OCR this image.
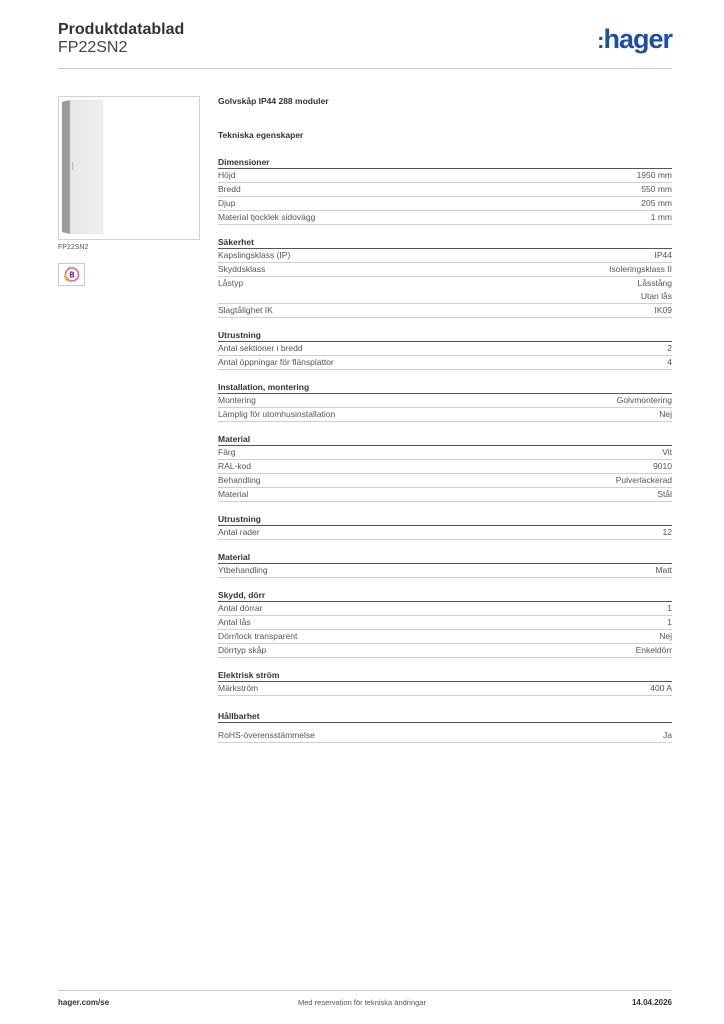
Produktdatablad
FP22SN2	:hager
FP22SN2
B
Golvskåp IP44 288 moduler
Tekniska egenskaper
Dimensioner
Höjd	1950 mm
Bredd	550 mm
Djup	205 mm
Material tjocklek sidovägg	1 mm
Säkerhet
Kapslingsklass (IP)	IP44
Skyddsklass	Isoleringsklass II
Låstyp	Låsstång
Utan lås
Slagtålighet IK	IK09
Utrustning
Antal sektioner i bredd	2
Antal öppningar för flänsplattor	4
Installation, montering
Montering	Golvmontering
Lämplig för utomhusinstallation	Nej
Material
Färg	Vit
RAL-kod	9010
Behandling	Pulverlackerad
Material	Stål
Utrustning
Antal rader	12
Material
Ytbehandling	Matt
Skydd, dörr
Antal dörrar	1
Antal lås	1
Dörr/lock transparent	Nej
Dörrtyp skåp	Enkeldörr
Elektrisk ström
Märkström	400 A
Hållbarhet
RoHS-överensstämmelse	Ja
hager.com/se	Med reservation för tekniska ändringar	14.04.2026
